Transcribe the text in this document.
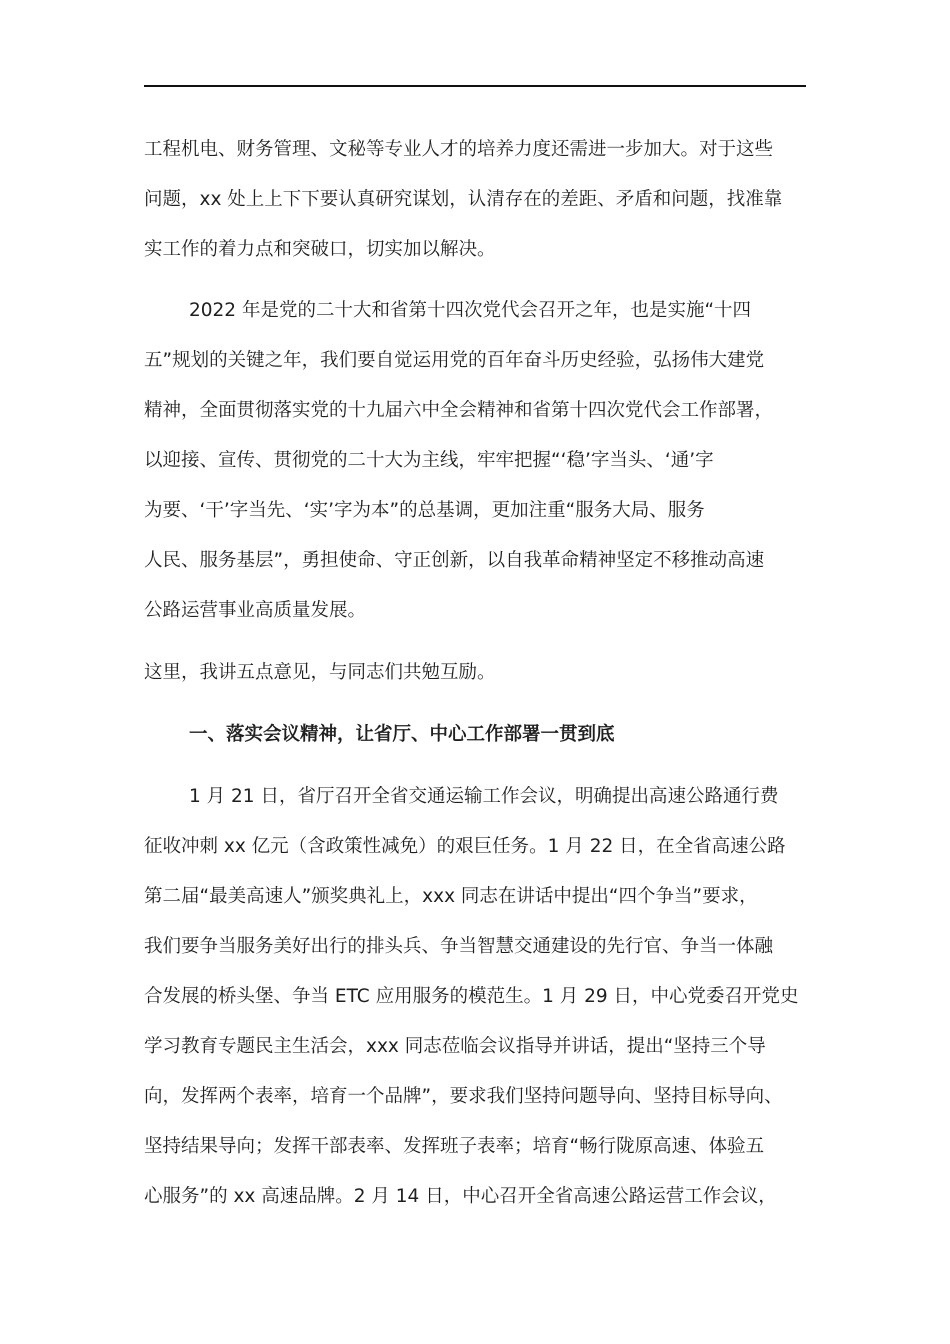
工程机电、财务管理、文秘等专业人才的培养力度还需进一步加大。对于这些
问题，xx 处上上下下要认真研究谋划，认清存在的差距、矛盾和问题，找准靠
实工作的着力点和突破口，切实加以解决。
2022 年是党的二十大和省第十四次党代会召开之年，也是实施“十四
五”规划的关键之年，我们要自觉运用党的百年奋斗历史经验，弘扬伟大建党
精神，全面贯彻落实党的十九届六中全会精神和省第十四次党代会工作部署，
以迎接、宣传、贯彻党的二十大为主线，牢牢把握“‘稳’字当头、‘通’字
为要、‘干’字当先、‘实’字为本”的总基调，更加注重“服务大局、服务
人民、服务基层”，勇担使命、守正创新，以自我革命精神坚定不移推动高速
公路运营事业高质量发展。
这里，我讲五点意见，与同志们共勉互励。
一、落实会议精神，让省厅、中心工作部署一贯到底
1 月 21 日，省厅召开全省交通运输工作会议，明确提出高速公路通行费
征收冲刺 xx 亿元（含政策性减免）的艰巨任务。1 月 22 日，在全省高速公路
第二届“最美高速人”颁奖典礼上，xxx 同志在讲话中提出“四个争当”要求，
我们要争当服务美好出行的排头兵、争当智慧交通建设的先行官、争当一体融
合发展的桥头堡、争当 ETC 应用服务的模范生。1 月 29 日，中心党委召开党史
学习教育专题民主生活会，xxx 同志莅临会议指导并讲话，提出“坚持三个导
向，发挥两个表率，培育一个品牌”，要求我们坚持问题导向、坚持目标导向、
坚持结果导向；发挥干部表率、发挥班子表率；培育“畅行陇原高速、体验五
心服务”的 xx 高速品牌。2 月 14 日，中心召开全省高速公路运营工作会议，
